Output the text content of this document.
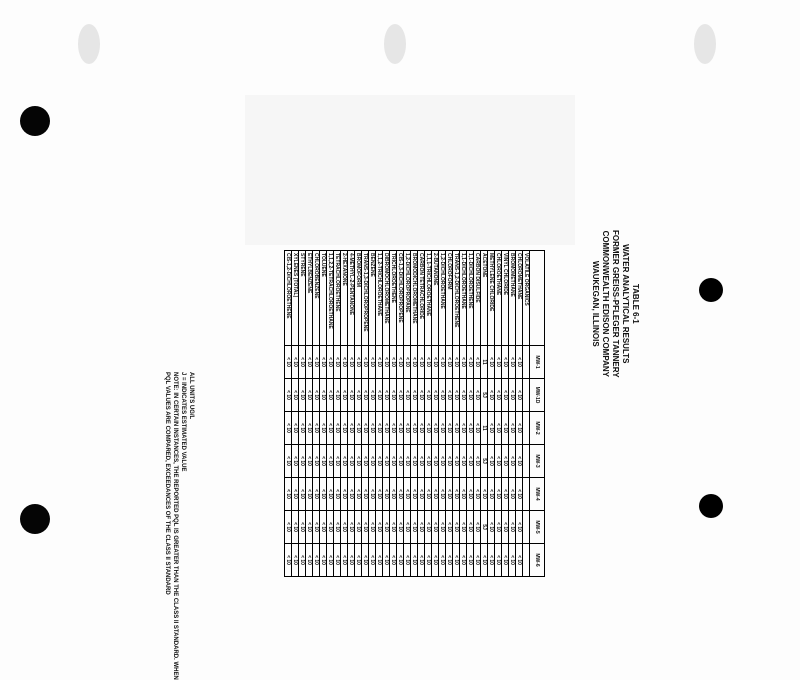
TABLE 6-1
WATER ANALYTICAL RESULTS
FORMER GREISS-PFLEGER TANNERY
COMMONWEALTH EDISON COMPANY
WAUKEGAN, ILLINOIS
ALL UNITS UG/L
J = INDICATES ESTIMATED VALUE
NOTE: IN CERTAIN INSTANCES, THE REPORTED PQL IS GREATER THAN THE CLASS II STANDARD. WHEN
PQL VALUES ARE COMPARED, EXCEEDANCES OF THE CLASS II STANDARD
	MW-1	MW-1D	MW-2	MW-3	MW-4	MW-5	MW-6
VOLATILE ORGANICS							
CHLOROMETHANE	< 10	< 10	< 10	< 10	< 10	< 10	< 10
BROMOMETHANE	< 10	< 10	< 10	< 10	< 10	< 10	< 10
VINYL CHLORIDE	< 10	< 10	< 10	< 10	< 10	< 10	< 10
CHLOROETHANE	< 10	< 10	< 10	< 10	< 10	< 10	< 10
METHYLENE CHLORIDE	< 10	< 10	< 10	< 10	< 10	< 10	< 10
ACETONE	11	5J	11	5J	< 10	5J	< 10
CARBON DISULFIDE	< 10	< 10	< 10	< 10	< 10	< 10	< 10
1,1-DICHLOROETHENE	< 10	< 10	< 10	< 10	< 10	< 10	< 10
1,1-DICHLOROETHANE	< 10	< 10	< 10	< 10	< 10	< 10	< 10
TRANS-1,2-DICHLOROETHENE	< 10	< 10	< 10	< 10	< 10	< 10	< 10
CHLOROFORM	< 10	< 10	< 10	< 10	< 10	< 10	< 10
1,2-DICHLOROETHANE	< 10	< 10	< 10	< 10	< 10	< 10	< 10
2-BUTANONE	< 10	< 10	< 10	< 10	< 10	< 10	< 10
1,1,1-TRICHLOROETHANE	< 10	< 10	< 10	< 10	< 10	< 10	< 10
CARBON TETRACHLORIDE	< 10	< 10	< 10	< 10	< 10	< 10	< 10
BROMODICHLOROMETHANE	< 10	< 10	< 10	< 10	< 10	< 10	< 10
1,2-DICHLOROPROPANE	< 10	< 10	< 10	< 10	< 10	< 10	< 10
CIS-1,3-DICHLOROPROPENE	< 10	< 10	< 10	< 10	< 10	< 10	< 10
TRICHLOROETHENE	< 10	< 10	< 10	< 10	< 10	< 10	< 10
DIBROMOCHLOROMETHANE	< 10	< 10	< 10	< 10	< 10	< 10	< 10
1,1,2-TRICHLOROETHANE	< 10	< 10	< 10	< 10	< 10	< 10	< 10
BENZENE	< 10	< 10	< 10	< 10	< 10	< 10	< 10
TRANS-1,3-DICHLOROPROPENE	< 10	< 10	< 10	< 10	< 10	< 10	< 10
BROMOFORM	< 10	< 10	< 10	< 10	< 10	< 10	< 10
4-METHYL-2-PENTANONE	< 10	< 10	< 10	< 10	< 10	< 10	< 10
2-HEXANONE	< 10	< 10	< 10	< 10	< 10	< 10	< 10
TETRACHLOROETHENE	< 10	< 10	< 10	< 10	< 10	< 10	< 10
1,1,2,2-TETRACHLOROETHANE	< 10	< 10	< 10	< 10	< 10	< 10	< 10
TOLUENE	< 10	< 10	< 10	< 10	< 10	< 10	< 10
CHLOROBENZENE	< 10	< 10	< 10	< 10	< 10	< 10	< 10
ETHYLBENZENE	< 10	< 10	< 10	< 10	< 10	< 10	< 10
STYRENE	< 10	< 10	< 10	< 10	< 10	< 10	< 10
XYLENES (TOTAL)	< 10	< 10	< 10	< 10	< 10	< 10	< 10
CIS-1,2-DICHLOROETHENE	< 10	< 10	< 10	< 10	< 10	< 10	< 10
